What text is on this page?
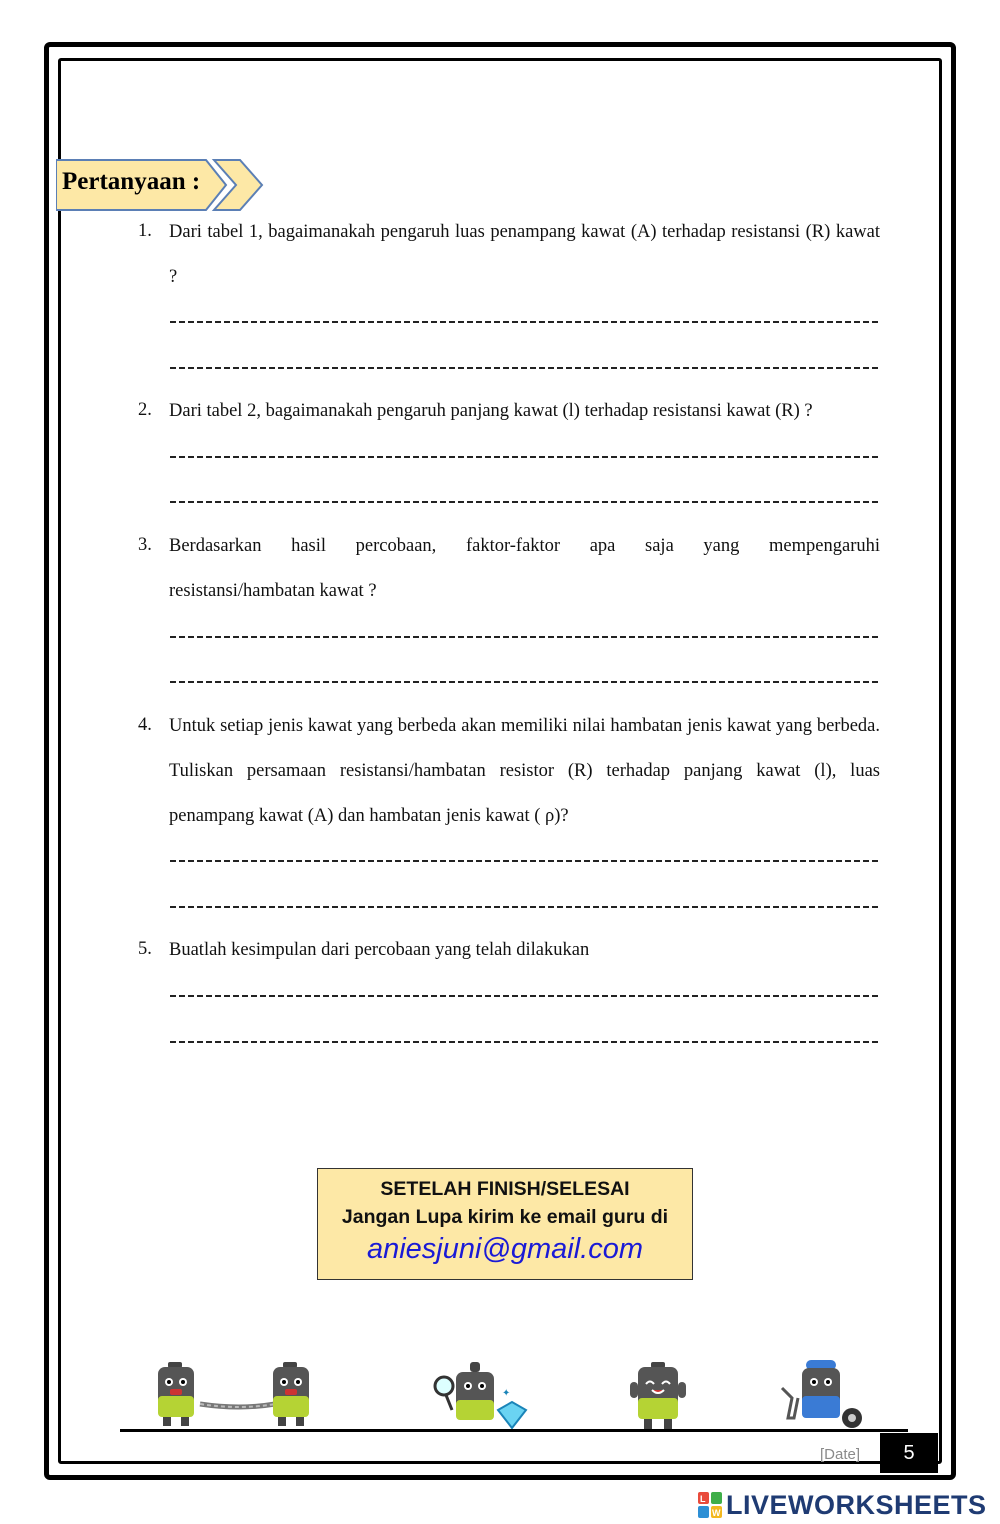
Pertanyaan :
1. Dari tabel 1, bagaimanakah pengaruh luas penampang kawat (A) terhadap resistansi (R) kawat ?
2. Dari tabel 2, bagaimanakah pengaruh panjang kawat (l) terhadap resistansi kawat (R) ?
3. Berdasarkan hasil percobaan, faktor-faktor apa saja yang mempengaruhi
resistansi/hambatan kawat ?
4. Untuk setiap jenis kawat yang berbeda akan memiliki nilai hambatan jenis kawat yang berbeda. Tuliskan persamaan resistansi/hambatan resistor (R) terhadap panjang kawat (l), luas penampang kawat (A) dan hambatan jenis kawat ( ρ)?
5. Buatlah kesimpulan dari percobaan yang telah dilakukan
SETELAH FINISH/SELESAI
Jangan Lupa kirim ke email guru di
aniesjuni@gmail.com
✦
[Date]	5
L
W LIVEWORKSHEETS
